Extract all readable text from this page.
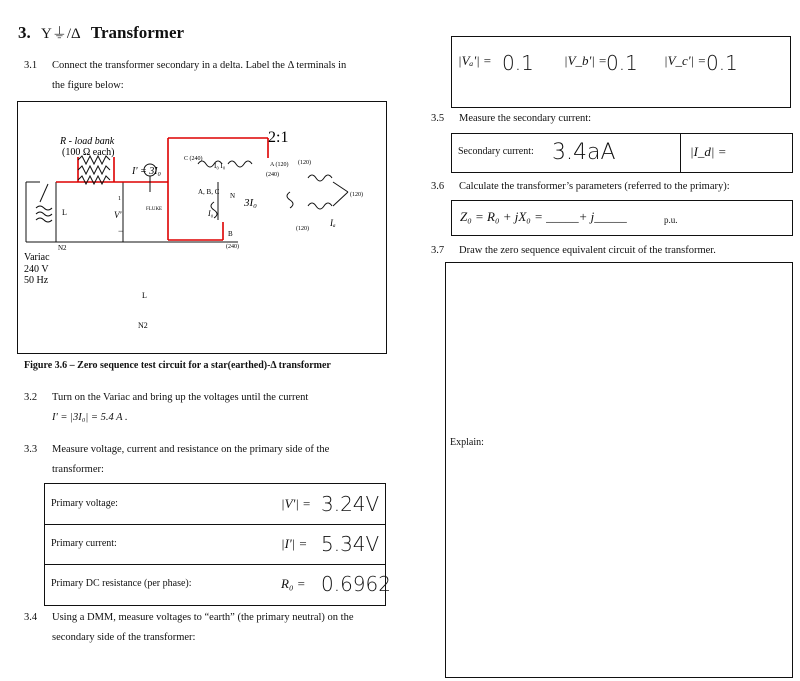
3. Y⏚/Δ Transformer
3.1 Connect the transformer secondary in a delta. Label the Δ terminals in
the figure below:
2:1
R - load bank
(100 Ω each)
I' = 3I₀
FLUKE
C (240)
I₀ I₀	A (120)
(240)
A, B, C N
3I₀
I₀
B
(240)
(120)
(120)
(120)
Iₐ
L	V'
1
−
N2
Variac
240 V
50 Hz
L
N2
Figure 3.6 – Zero sequence test circuit for a star(earthed)-Δ transformer
3.2 Turn on the Variac and bring up the voltages until the current
I' = |3I₀| = 5.4 A .
3.3 Measure voltage, current and resistance on the primary side of the
transformer:
Primary voltage:	|V'| = 3.24V
Primary current:	|I'| = 5.34V
Primary DC resistance (per phase):	R₀ = 0.6962
3.4 Using a DMM, measure voltages to “earth” (the primary neutral) on the
secondary side of the transformer:
|Vₐ'| = 0.1 |V_b'| = 0.1 |V_c'| = 0.1
3.5 Measure the secondary current:
Secondary current: 3.4aA	|I_d| =
3.6 Calculate the transformer’s parameters (referred to the primary):
Z₀ = R₀ + jX₀ = _____+ j_____	p.u.
3.7 Draw the zero sequence equivalent circuit of the transformer.
Explain:
